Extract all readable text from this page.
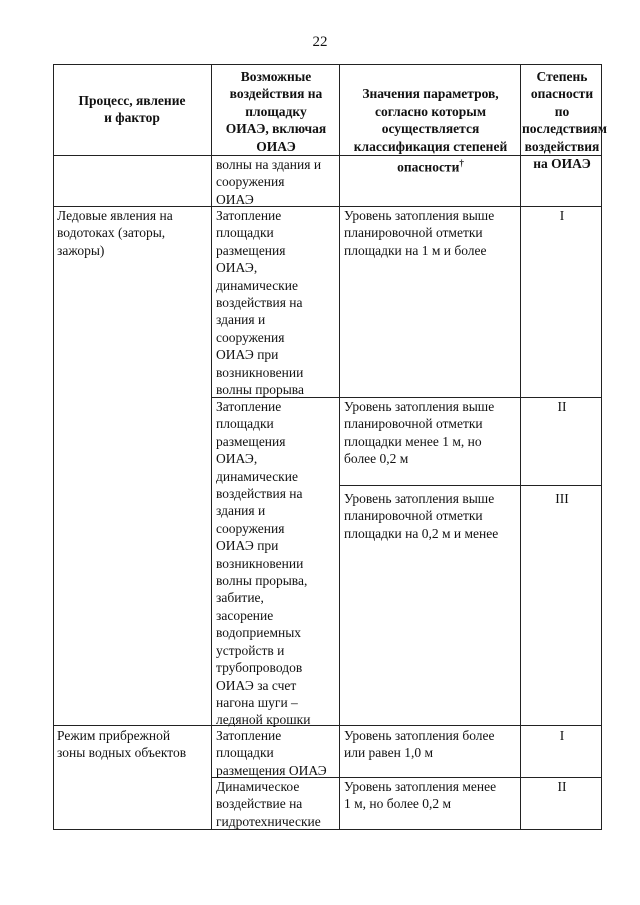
22
Процесс, явление
и фактор
Возможные
воздействия на
площадку
ОИАЭ, включая
ОИАЭ

Значения параметров,
согласно которым
осуществляется
классификация степеней
опасности†

Степень
опасности по
последствиям
воздействия
на ОИАЭ
волны на здания и
сооружения
ОИАЭ
Ледовые явления на
водотоках (заторы,
зажоры)
Затопление
площадки
размещения
ОИАЭ,
динамические
воздействия на
здания и
сооружения
ОИАЭ при
возникновении
волны прорыва
Уровень затопления выше
планировочной отметки
площадки на 1 м и более
I
Затопление
площадки
размещения
ОИАЭ,
динамические
воздействия на
здания и
сооружения
ОИАЭ при
возникновении
волны прорыва,
забитие,
засорение
водоприемных
устройств и
трубопроводов
ОИАЭ за счет
нагона шуги –
ледяной крошки
Уровень затопления выше
планировочной отметки
площадки менее 1 м, но
более 0,2 м
II
Уровень затопления выше
планировочной отметки
площадки на 0,2 м и менее
III
Режим прибрежной
зоны водных объектов
Затопление
площадки
размещения ОИАЭ
Уровень затопления более
или равен 1,0 м
I
Динамическое
воздействие на
гидротехнические
Уровень затопления менее
1 м, но более 0,2 м
II
